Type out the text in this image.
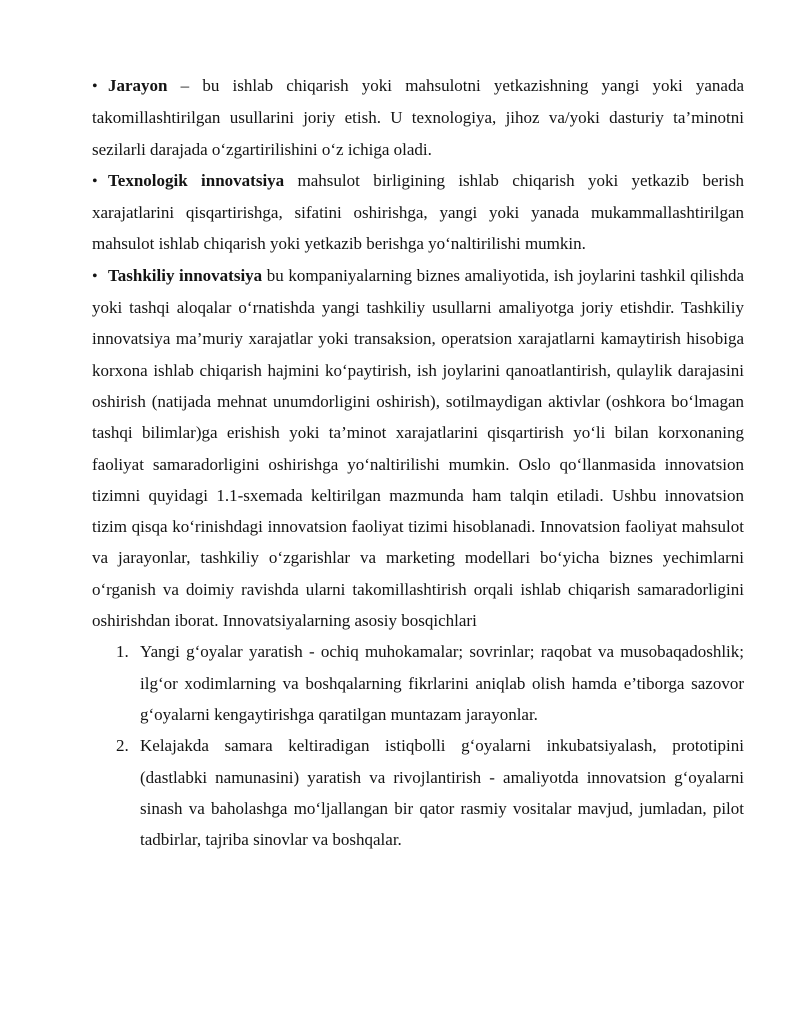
• Jarayon – bu ishlab chiqarish yoki mahsulotni yetkazishning yangi yoki yanada takomillashtirilgan usullarini joriy etish. U texnologiya, jihoz va/yoki dasturiy ta’minotni sezilarli darajada o‘zgartirilishini o‘z ichiga oladi.

• Texnologik innovatsiya mahsulot birligining ishlab chiqarish yoki yetkazib berish xarajatlarini qisqartirishga, sifatini oshirishga, yangi yoki yanada mukammallashtirilgan mahsulot ishlab chiqarish yoki yetkazib berishga yo‘naltirilishi mumkin.

• Tashkiliy innovatsiya bu kompaniyalarning biznes amaliyotida, ish joylarini tashkil qilishda yoki tashqi aloqalar o‘rnatishda yangi tashkiliy usullarni amaliyotga joriy etishdir. Tashkiliy innovatsiya ma’muriy xarajatlar yoki transaksion, operatsion xarajatlarni kamaytirish hisobiga korxona ishlab chiqarish hajmini ko‘paytirish, ish joylarini qanoatlantirish, qulaylik darajasini oshirish (natijada mehnat unumdorligini oshirish), sotilmaydigan aktivlar (oshkora bo‘lmagan tashqi bilimlar)ga erishish yoki ta’minot xarajatlarini qisqartirish yo‘li bilan korxonaning faoliyat samaradorligini oshirishga yo‘naltirilishi mumkin. Oslo qo‘llanmasida innovatsion tizimni quyidagi 1.1-sxemada keltirilgan mazmunda ham talqin etiladi. Ushbu innovatsion tizim qisqa ko‘rinishdagi innovatsion faoliyat tizimi hisoblanadi. Innovatsion faoliyat mahsulot va jarayonlar, tashkiliy o‘zgarishlar va marketing modellari bo‘yicha biznes yechimlarni o‘rganish va doimiy ravishda ularni takomillashtirish orqali ishlab chiqarish samaradorligini oshirishdan iborat. Innovatsiyalarning asosiy bosqichlari

1. Yangi g‘oyalar yaratish - ochiq muhokamalar; sovrinlar; raqobat va musobaqadoshlik; ilg‘or xodimlarning va boshqalarning fikrlarini aniqlab olish hamda e’tiborga sazovor g‘oyalarni kengaytirishga qaratilgan muntazam jarayonlar.
2. Kelajakda samara keltiradigan istiqbolli g‘oyalarni inkubatsiyalash, prototipini (dastlabki namunasini) yaratish va rivojlantirish - amaliyotda innovatsion g‘oyalarni sinash va baholashga mo‘ljallangan bir qator rasmiy vositalar mavjud, jumladan, pilot tadbirlar, tajriba sinovlar va boshqalar.
